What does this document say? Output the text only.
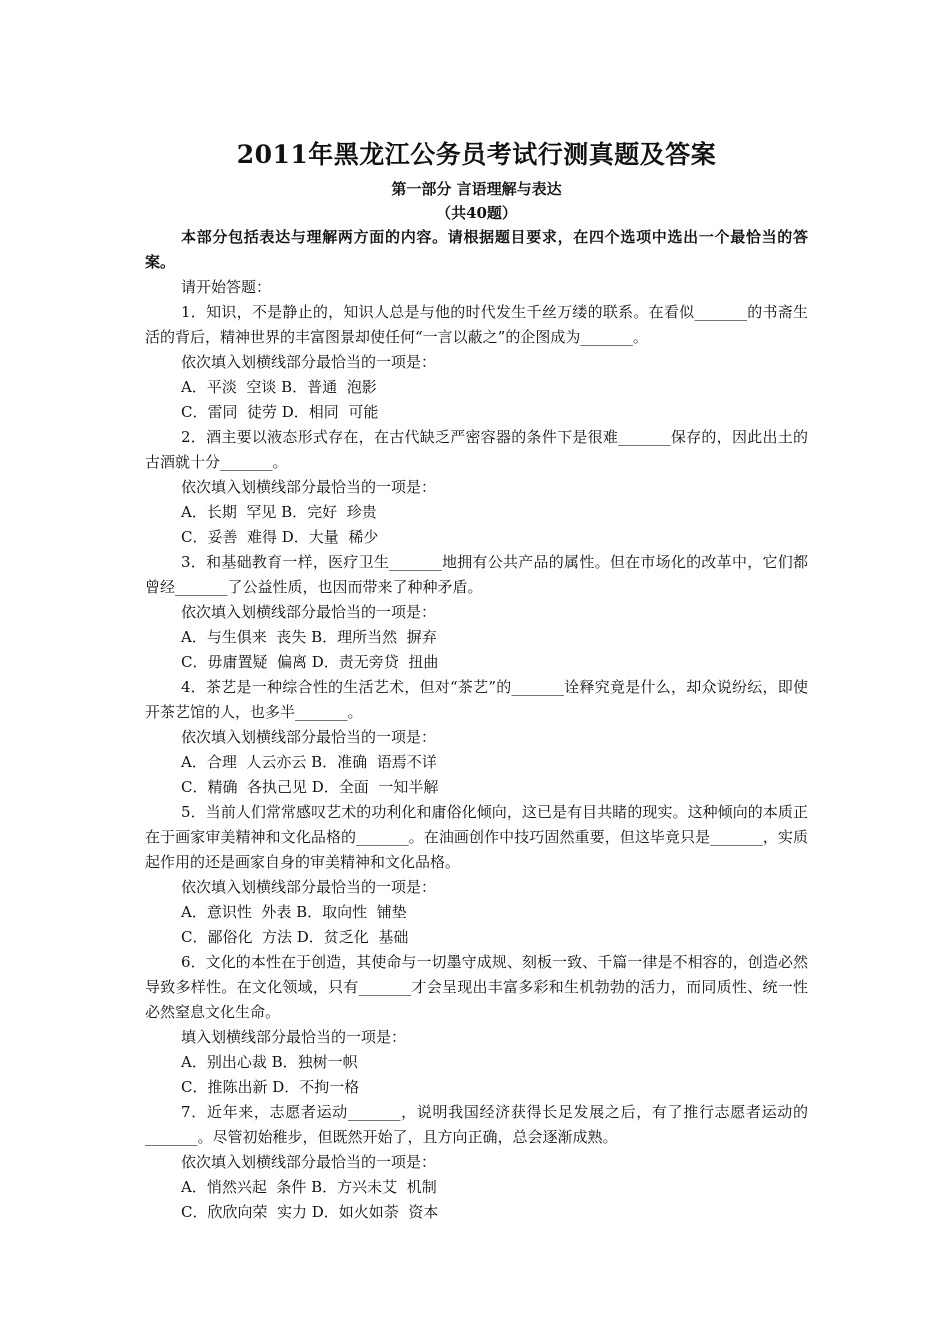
2011年黑龙江公务员考试行测真题及答案
第一部分 言语理解与表达
（共40题）

本部分包括表达与理解两方面的内容。请根据题目要求，在四个选项中选出一个最恰当的答案。

请开始答题：

1．知识，不是静止的，知识人总是与他的时代发生千丝万缕的联系。在看似_______的书斋生活的背后，精神世界的丰富图景却使任何“一言以蔽之”的企图成为_______。

依次填入划横线部分最恰当的一项是：

A．平淡  空谈 B．普通  泡影

C．雷同  徒劳 D．相同  可能

2．酒主要以液态形式存在，在古代缺乏严密容器的条件下是很难_______保存的，因此出土的古酒就十分_______。

依次填入划横线部分最恰当的一项是：

A．长期  罕见 B．完好  珍贵

C．妥善  难得 D．大量  稀少

3．和基础教育一样，医疗卫生_______地拥有公共产品的属性。但在市场化的改革中，它们都曾经_______了公益性质，也因而带来了种种矛盾。

依次填入划横线部分最恰当的一项是：

A．与生俱来  丧失 B．理所当然  摒弃

C．毋庸置疑  偏离 D．责无旁贷  扭曲

4．茶艺是一种综合性的生活艺术，但对“茶艺”的_______诠释究竟是什么，却众说纷纭，即使开茶艺馆的人，也多半_______。

依次填入划横线部分最恰当的一项是：

A．合理  人云亦云 B．准确  语焉不详

C．精确  各执己见 D．全面  一知半解

5．当前人们常常感叹艺术的功利化和庸俗化倾向，这已是有目共睹的现实。这种倾向的本质正在于画家审美精神和文化品格的_______。在油画创作中技巧固然重要，但这毕竟只是_______，实质起作用的还是画家自身的审美精神和文化品格。

依次填入划横线部分最恰当的一项是：

A．意识性  外表 B．取向性  铺垫

C．鄙俗化  方法 D．贫乏化  基础

6．文化的本性在于创造，其使命与一切墨守成规、刻板一致、千篇一律是不相容的，创造必然导致多样性。在文化领域，只有_______才会呈现出丰富多彩和生机勃勃的活力，而同质性、统一性必然窒息文化生命。

填入划横线部分最恰当的一项是：

A．别出心裁 B．独树一帜

C．推陈出新 D．不拘一格

7．近年来，志愿者运动_______，说明我国经济获得长足发展之后，有了推行志愿者运动的_______。尽管初始稚步，但既然开始了，且方向正确，总会逐渐成熟。

依次填入划横线部分最恰当的一项是：

A．悄然兴起  条件 B．方兴未艾  机制

C．欣欣向荣  实力 D．如火如荼  资本
